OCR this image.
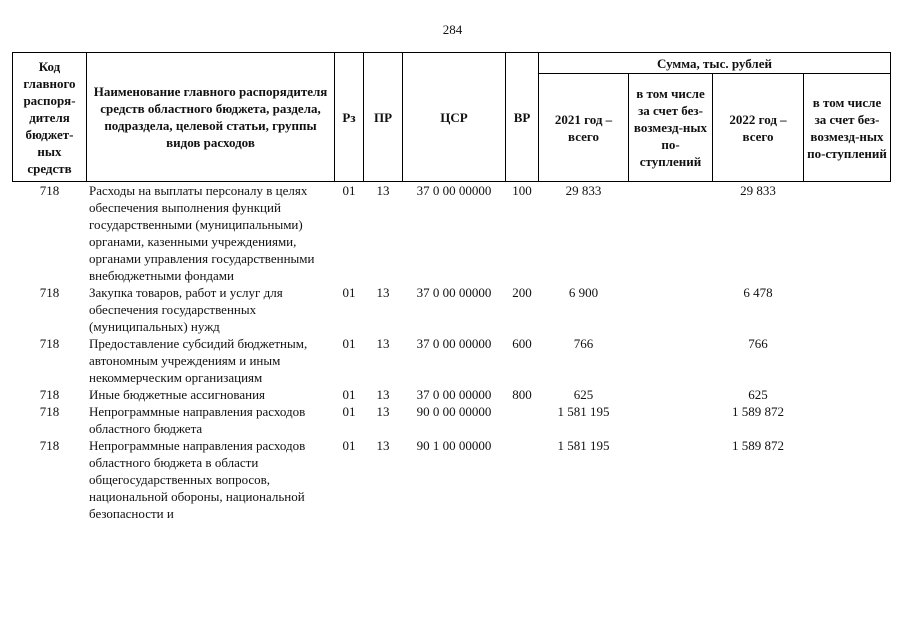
284
Код главного распоря-дителя бюджет-ных средств	Наименование главного распорядителя средств областного бюджета, раздела, подраздела, целевой статьи, группы видов расходов	Рз	ПР	ЦСР	ВР	Сумма, тыс. рублей			
						2021 год – всего	в том числе за счет без-возмезд-ных по-ступлений	2022 год – всего	в том числе за счет без-возмезд-ных по-ступлений
718	Расходы на выплаты персоналу в целях обеспечения выполнения функций государственными (муниципальными) органами, казенными учреждениями, органами управления государственными внебюджетными фондами	01	13	37 0 00 00000	100	29 833		29 833	
718	Закупка товаров, работ и услуг для обеспечения государственных (муниципальных) нужд	01	13	37 0 00 00000	200	6 900		6 478	
718	Предоставление субсидий бюджетным, автономным учреждениям и иным некоммерческим организациям	01	13	37 0 00 00000	600	766		766	
718	Иные бюджетные ассигнования	01	13	37 0 00 00000	800	625		625	
718	Непрограммные направления расходов областного бюджета	01	13	90 0 00 00000		1 581 195		1 589 872	
718	Непрограммные направления расходов областного бюджета в области общегосударственных вопросов, национальной обороны, национальной безопасности и	01	13	90 1 00 00000		1 581 195		1 589 872	
